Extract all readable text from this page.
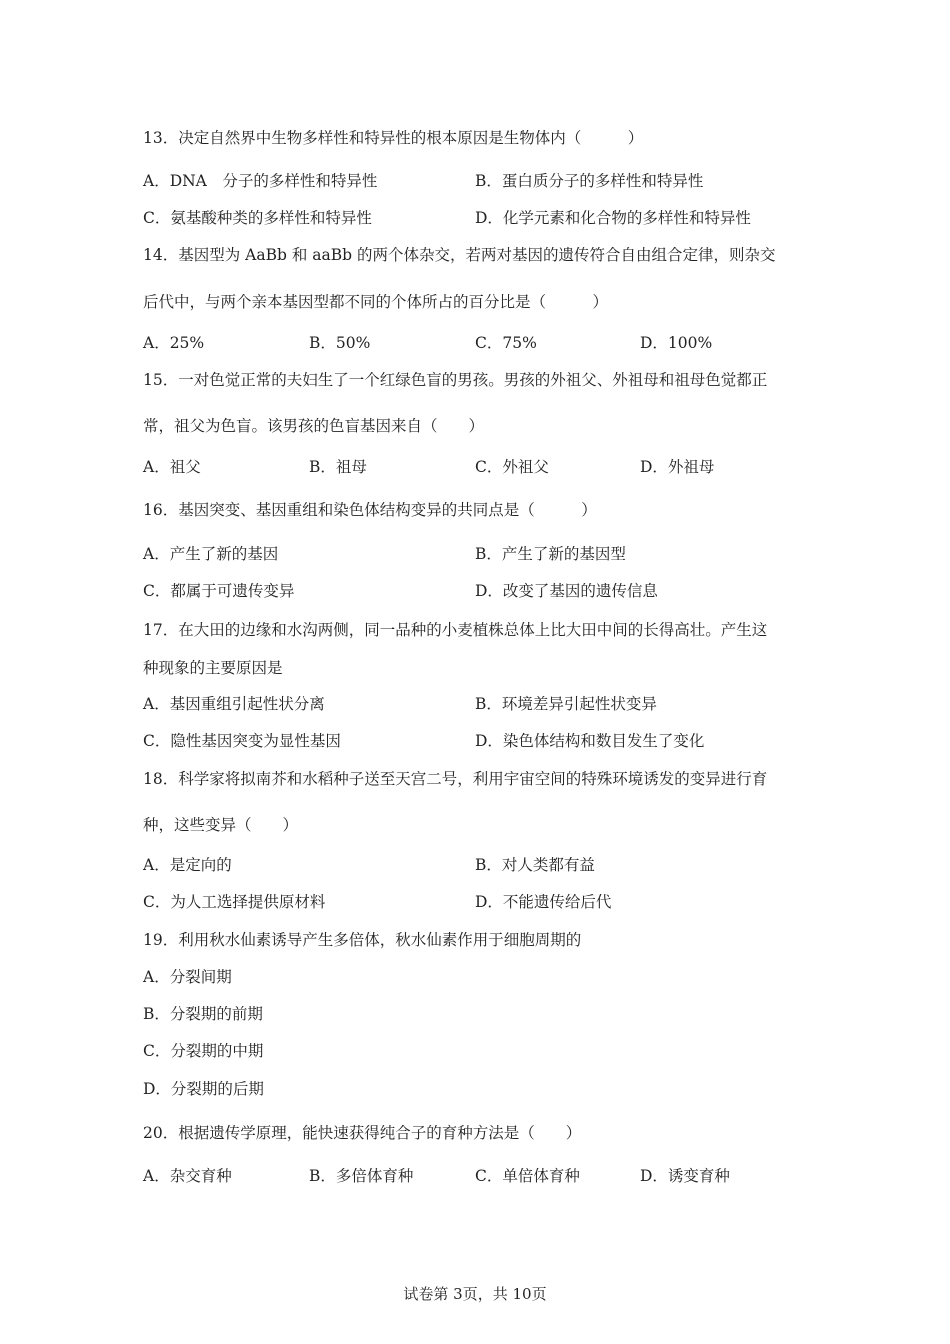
13．决定自然界中生物多样性和特异性的根本原因是生物体内（　　　）
A．DNA　分子的多样性和特异性	B．蛋白质分子的多样性和特异性
C．氨基酸种类的多样性和特异性	D．化学元素和化合物的多样性和特异性
14．基因型为 AaBb 和 aaBb 的两个体杂交，若两对基因的遗传符合自由组合定律，则杂交
后代中，与两个亲本基因型都不同的个体所占的百分比是（　　　）
A．25%	B．50%	C．75%	D．100%
15．一对色觉正常的夫妇生了一个红绿色盲的男孩。男孩的外祖父、外祖母和祖母色觉都正
常，祖父为色盲。该男孩的色盲基因来自（　　）
A．祖父	B．祖母	C．外祖父	D．外祖母
16．基因突变、基因重组和染色体结构变异的共同点是（　　　）
A．产生了新的基因	B．产生了新的基因型
C．都属于可遗传变异	D．改变了基因的遗传信息
17．在大田的边缘和水沟两侧，同一品种的小麦植株总体上比大田中间的长得高壮。产生这
种现象的主要原因是
A．基因重组引起性状分离	B．环境差异引起性状变异
C．隐性基因突变为显性基因	D．染色体结构和数目发生了变化
18．科学家将拟南芥和水稻种子送至天宫二号，利用宇宙空间的特殊环境诱发的变异进行育
种，这些变异（　　）
A．是定向的	B．对人类都有益
C．为人工选择提供原材料	D．不能遗传给后代
19．利用秋水仙素诱导产生多倍体，秋水仙素作用于细胞周期的
A．分裂间期
B．分裂期的前期
C．分裂期的中期
D．分裂期的后期
20．根据遗传学原理，能快速获得纯合子的育种方法是（　　）
A．杂交育种	B．多倍体育种	C．单倍体育种	D．诱变育种
试卷第 3页，共 10页
